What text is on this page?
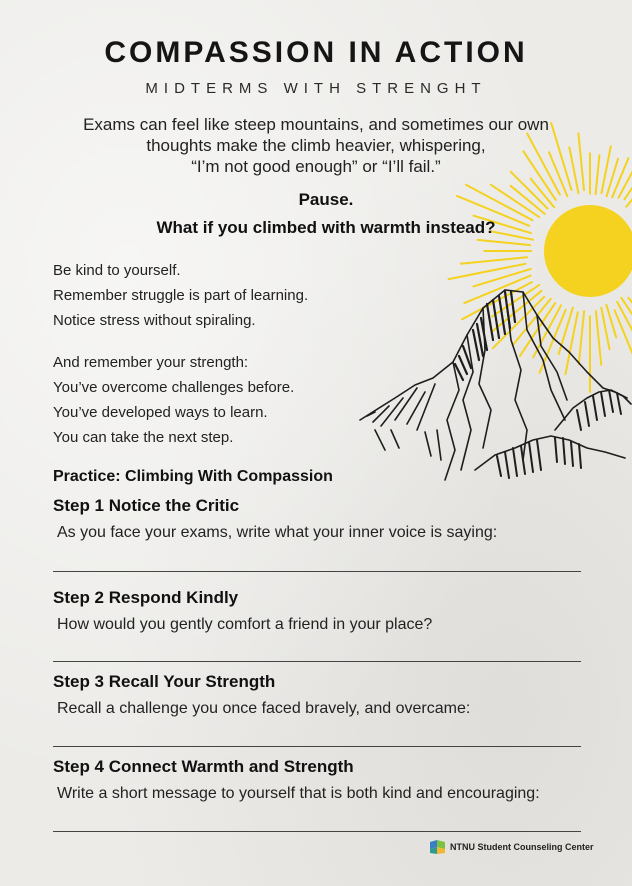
COMPASSION IN ACTION
MIDTERMS WITH STRENGHT
Exams can feel like steep mountains, and sometimes our own
thoughts make the climb heavier, whispering,
“I’m not good enough” or “I’ll fail.”
Pause.
What if you climbed with warmth instead?
Be kind to yourself.
Remember struggle is part of learning.
Notice stress without spiraling.
And remember your strength:
You’ve overcome challenges before.
You’ve developed ways to learn.
You can take the next step.
Practice: Climbing With Compassion
Step 1 Notice the Critic
As you face your exams, write what your inner voice is saying:
Step 2 Respond Kindly
How would you gently comfort a friend in your place?
Step 3 Recall Your Strength
Recall a challenge you once faced bravely, and overcame:
Step 4 Connect Warmth and Strength
Write a short message to yourself that is both kind and encouraging:
NTNU Student Counseling Center
